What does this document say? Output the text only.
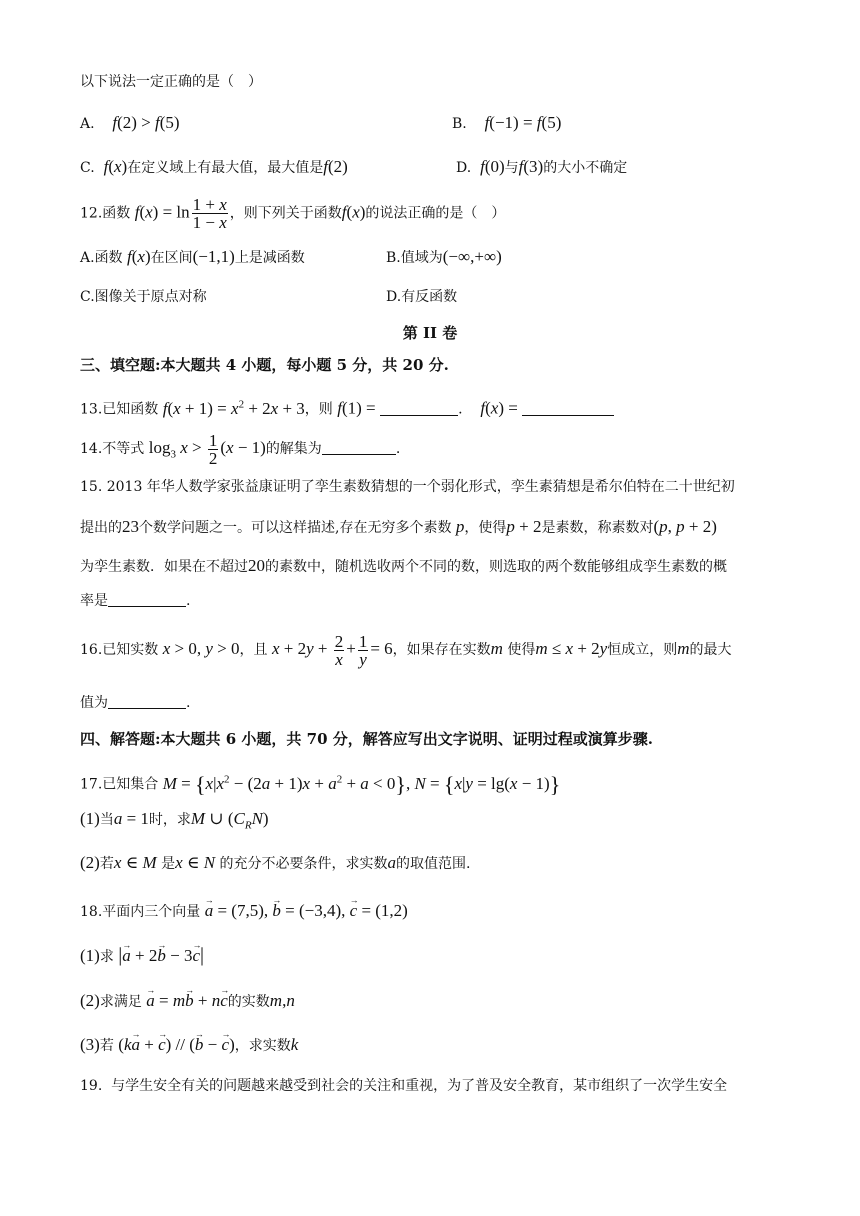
以下说法一定正确的是（　）
A. f(2) > f(5)	B. f(−1) = f(5)
C. f(x)在定义域上有最大值，最大值是f(2)	D. f(0)与f(3)的大小不确定
12.函数 $f(x) = \ln \frac{1 + x}{1 - x}$ ，则下列关于函数f(x)的说法正确的是（　）
A.函数 f(x)在区间(−1,1)上是减函数	B.值域为(−∞,+∞)
C.图像关于原点对称	D.有反函数
第 II 卷
三、填空题:本大题共 4 小题，每小题 5 分，共 20 分.
13.已知函数 $f(x + 1) = x^2 + 2x + 3$，则 f(1) =	. f(x) =
14.不等式 $\log_3 x > \frac{1}{2} (x - 1)$的解集为	.
15. 2013 年华人数学家张益康证明了孪生素数猜想的一个弱化形式，孪生素猜想是希尔伯特在二十世纪初
提出的23个数学问题之一。可以这样描述,存在无穷多个素数 p，使得p + 2是素数，称素数对(p, p + 2)
为孪生素数．如果在不超过20的素数中，随机选收两个不同的数，则选取的两个数能够组成孪生素数的概
率是	.
16.已知实数 x > 0, y > 0，且 $x + 2y + \frac{2}{x} + \frac{1}{y} = 6$，如果存在实数m 使得m ≤ x + 2y恒成立，则m的最大
值为	.
四、解答题:本大题共 6 小题，共 70 分，解答应写出文字说明、证明过程或演算步骤.
17.已知集合 $M = \{x|x^2 - (2a + 1)x + a^2 + a < 0\}$, N = {x|y = lg(x − 1)}
(1)当a = 1时，求M ∪ $(C_RN)$
(2)若x ∈ M 是x ∈ N 的充分不必要条件，求实数a的取值范围.
18.平面内三个向量 → a = (7,5), → b = (−3,4), → c = (1,2)
(1)求 |→ a + 2→ b − 3→ c|
(2)求满足 → a = m→ b + n→ c的实数m,n
(3)若 (k→ a + → c) // (→ b − → c)，求实数k
19. 与学生安全有关的问题越来越受到社会的关注和重视，为了普及安全教育，某市组织了一次学生安全
